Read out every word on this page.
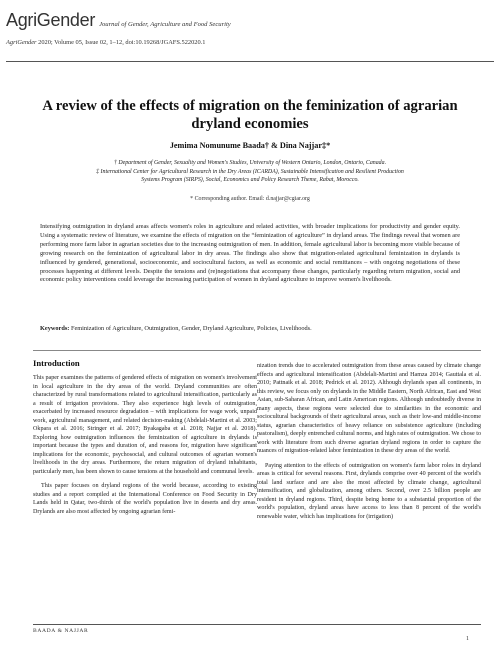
AgriGender Journal of Gender, Agriculture and Food Security
AgriGender 2020; Volume 05, Issue 02, 1–12, doi:10.19268/JGAFS.522020.1
A review of the effects of migration on the feminization of agrarian dryland economies
Jemima Nomunume Baada† & Dina Najjar‡*
† Department of Gender, Sexuality and Women's Studies, University of Western Ontario, London, Ontario, Canada.
‡ International Center for Agricultural Research in the Dry Areas (ICARDA), Sustainable Intensification and Resilient Production
Systems Program (SIRPS), Social, Economics and Policy Research Theme, Rabat, Morocco.
* Corresponding author. Email: d.najjar@cgiar.org
Intensifying outmigration in dryland areas affects women's roles in agriculture and related activities, with broader implications for productivity and gender equity. Using a systematic review of literature, we examine the effects of migration on the “feminization of agriculture” in dryland areas. The findings reveal that women are performing more farm labor in agrarian societies due to the increasing outmigration of men. In addition, female agricultural labor is becoming more visible because of growing research on the feminization of agricultural labor in dry areas. The findings also show that migration-related agricultural feminization in drylands is influenced by gendered, generational, socioeconomic, and sociocultural factors, as well as economic and social remittances – with ongoing negotiations of these processes happening at different levels. Despite the tensions and (re)negotiations that accompany these changes, particularly regarding return migration, social and economic policy interventions could leverage the increasing participation of women in dryland agriculture to improve women's livelihoods.
Keywords: Feminization of Agriculture, Outmigration, Gender, Dryland Agriculture, Policies, Livelihoods.
Introduction

This paper examines the patterns of gendered effects of migration on women's involvement in local agriculture in the dry areas of the world. Dryland communities are often characterized by rural transformations related to agricultural intensification, particularly as a result of irrigation provisions. They also experience high levels of outmigration, exacerbated by increased resource degradation – with implications for wage work, unpaid work, agricultural management, and related decision-making (Abdelali-Martini et al. 2003; Okpara et al. 2016; Stringer et al. 2017; Byakagaba et al. 2018; Najjar et al. 2018). Exploring how outmigration influences the feminization of agriculture in drylands is important because the types and duration of, and reasons for, migration have significant implications for the economic, psychosocial, and cultural outcomes of agrarian women's livelihoods in the dry areas. Furthermore, the return migration of dryland inhabitants, particularly men, has been shown to cause tensions at the household and communal levels.

This paper focuses on dryland regions of the world because, according to existing studies and a report compiled at the International Conference on Food Security in Dry Lands held in Qatar, two-thirds of the world's population live in deserts and dry areas. Drylands are also most affected by ongoing agrarian femi-

nization trends due to accelerated outmigration from these areas caused by climate change effects and agricultural intensification (Abdelali-Martini and Hamza 2014; Gauttala et al. 2010; Pattnaik et al. 2018; Pedrick et al. 2012). Although drylands span all continents, in this review, we focus only on drylands in the Middle Eastern, North African, East and West Asian, sub-Saharan African, and Latin American regions. Although undoubtedly diverse in many aspects, these regions were selected due to similarities in the economic and sociocultural backgrounds of their agricultural areas, such as their low-and middle-income status, agrarian characteristics of heavy reliance on subsistence agriculture (including pastoralism), deeply entrenched cultural norms, and high rates of outmigration. We chose to work with literature from such diverse agrarian dryland regions in order to capture the nuances of migration-related labor feminization in these dry areas of the world.

Paying attention to the effects of outmigration on women's farm labor roles in dryland areas is critical for several reasons. First, drylands comprise over 40 percent of the world's total land surface and are also the most affected by climate change, agricultural intensification, and globalization, among others. Second, over 2.5 billion people are resident in dryland regions. Third, despite being home to a substantial proportion of the world's population, dryland areas have access to less than 8 percent of the world's renewable water, which has implications for (irrigation)

BAADA & NAJJAR
1
